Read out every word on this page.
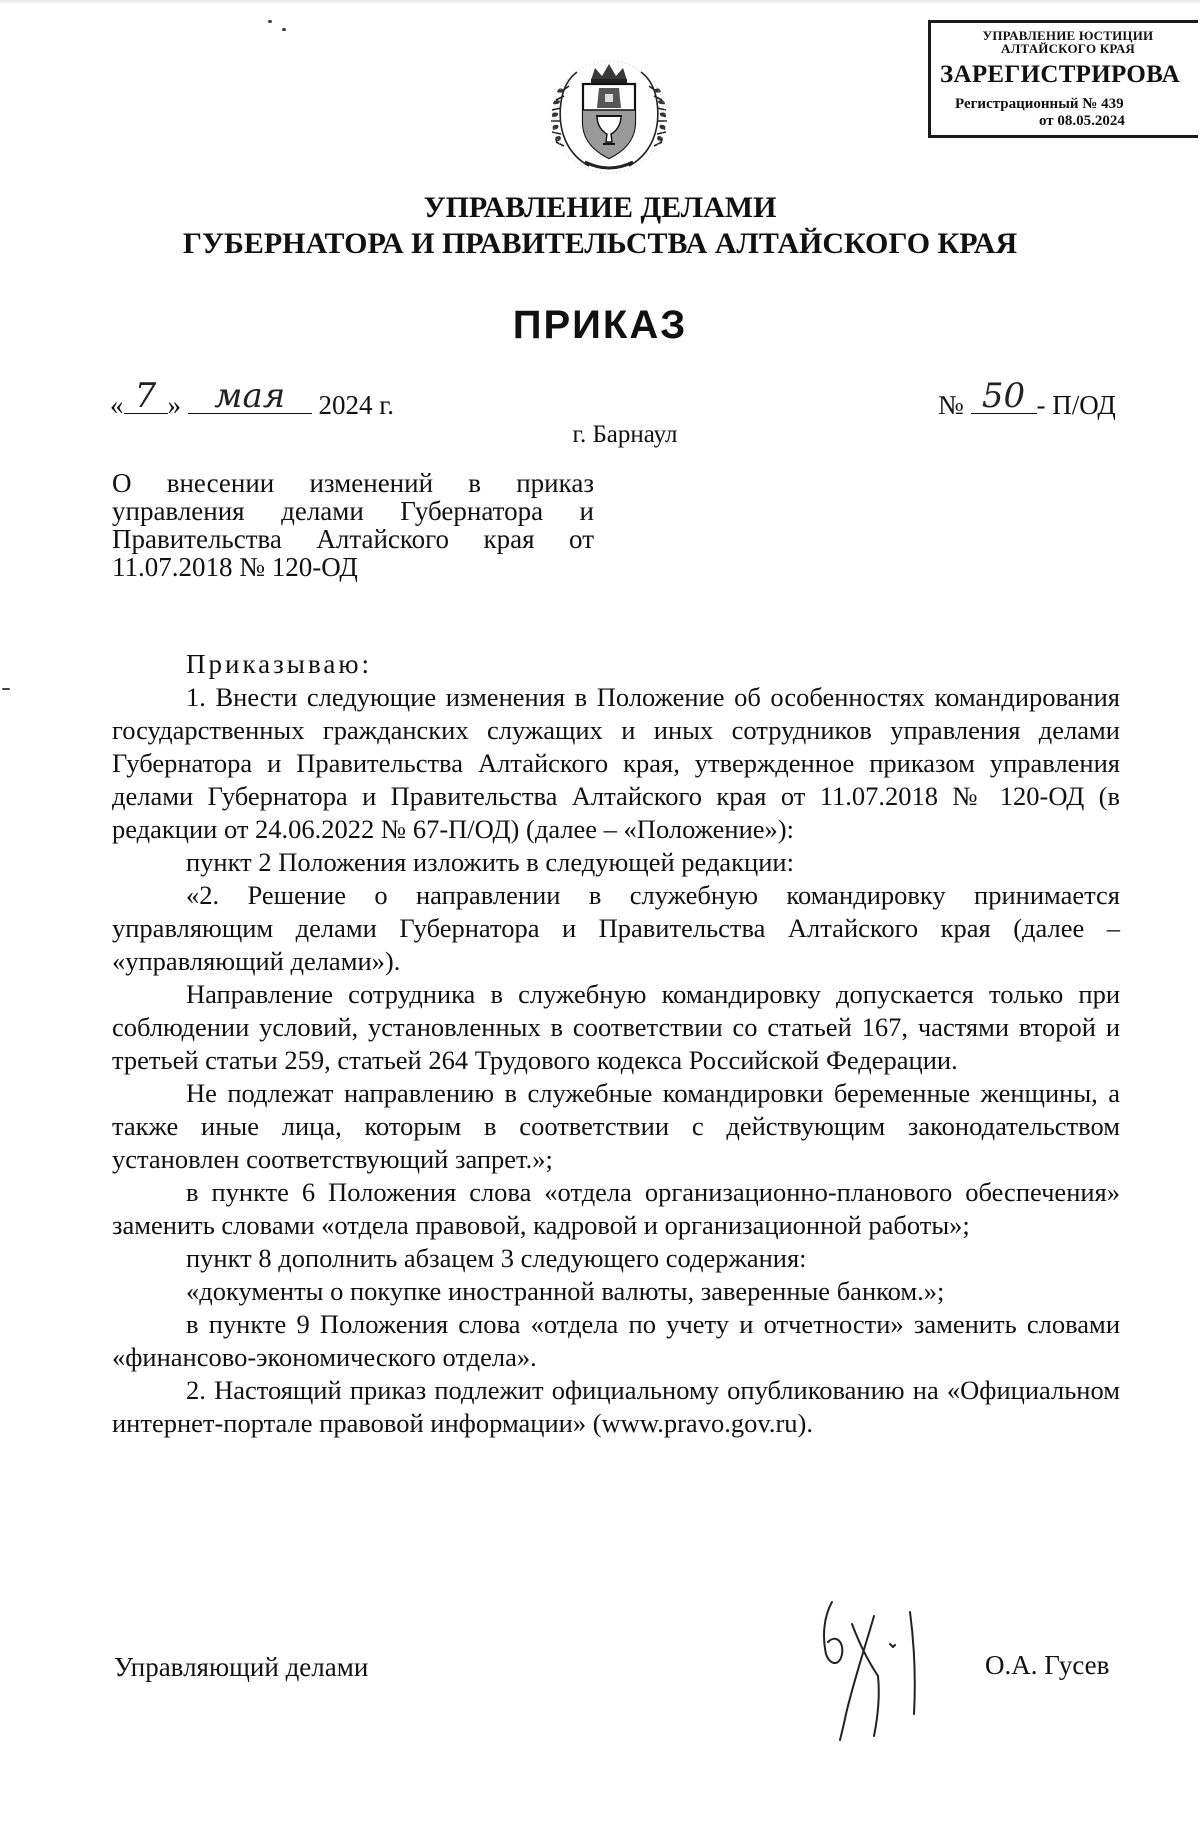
УПРАВЛЕНИЕ ЮСТИЦИИ
АЛТАЙСКОГО КРАЯ
ЗАРЕГИСТРИРОВА
Регистрационный № 439
от 08.05.2024
УПРАВЛЕНИЕ ДЕЛАМИ
ГУБЕРНАТОРА И ПРАВИТЕЛЬСТВА АЛТАЙСКОГО КРАЯ
ПРИКАЗ
« 7 » мая	2024 г.	№ 50 - П/ОД
г. Барнаул
О внесении изменений в приказ
управления делами Губернатора и
Правительства Алтайского края от
11.07.2018 № 120-ОД
Приказываю:

1. Внести следующие изменения в Положение об особенностях командирования государственных гражданских служащих и иных сотрудников управления делами Губернатора и Правительства Алтайского края, утвержденное приказом управления делами Губернатора и Правительства Алтайского края от 11.07.2018 № 120-ОД (в редакции от 24.06.2022 № 67-П/ОД) (далее – «Положение»):

пункт 2 Положения изложить в следующей редакции:

«2. Решение о направлении в служебную командировку принимается управляющим делами Губернатора и Правительства Алтайского края (далее – «управляющий делами»).

Направление сотрудника в служебную командировку допускается только при соблюдении условий, установленных в соответствии со статьей 167, частями второй и третьей статьи 259, статьей 264 Трудового кодекса Российской Федерации.

Не подлежат направлению в служебные командировки беременные женщины, а также иные лица, которым в соответствии с действующим законодательством установлен соответствующий запрет.»;

в пункте 6 Положения слова «отдела организационно-планового обеспечения» заменить словами «отдела правовой, кадровой и организационной работы»;

пункт 8 дополнить абзацем 3 следующего содержания:

«документы о покупке иностранной валюты, заверенные банком.»;

в пункте 9 Положения слова «отдела по учету и отчетности» заменить словами «финансово-экономического отдела».

2. Настоящий приказ подлежит официальному опубликованию на «Официальном интернет-портале правовой информации» (www.pravo.gov.ru).

Управляющий делами	О.А. Гусев
